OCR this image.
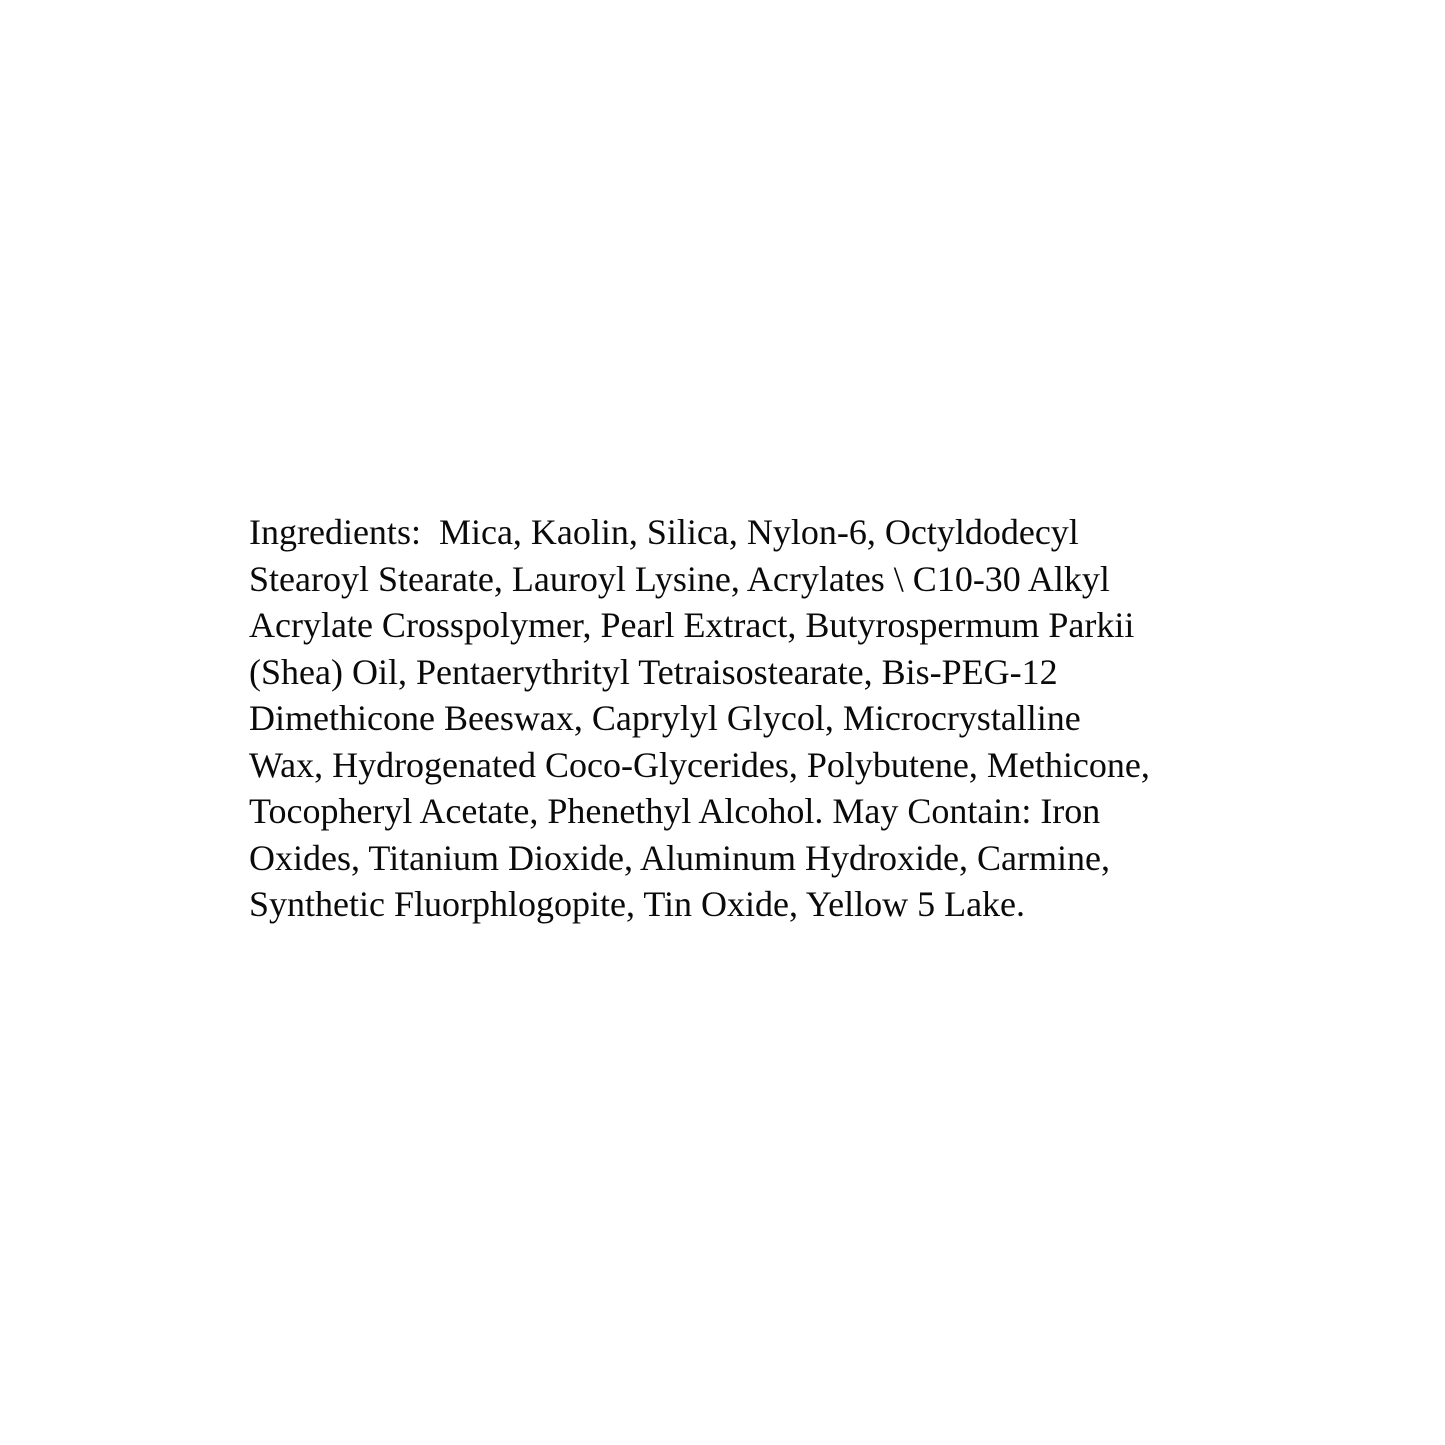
Ingredients:  Mica, Kaolin, Silica, Nylon-6, Octyldodecyl
Stearoyl Stearate, Lauroyl Lysine, Acrylates \ C10-30 Alkyl
Acrylate Crosspolymer, Pearl Extract, Butyrospermum Parkii
(Shea) Oil, Pentaerythrityl Tetraisostearate, Bis-PEG-12
Dimethicone Beeswax, Caprylyl Glycol, Microcrystalline
Wax, Hydrogenated Coco-Glycerides, Polybutene, Methicone,
Tocopheryl Acetate, Phenethyl Alcohol. May Contain: Iron
Oxides, Titanium Dioxide, Aluminum Hydroxide, Carmine,
Synthetic Fluorphlogopite, Tin Oxide, Yellow 5 Lake.
